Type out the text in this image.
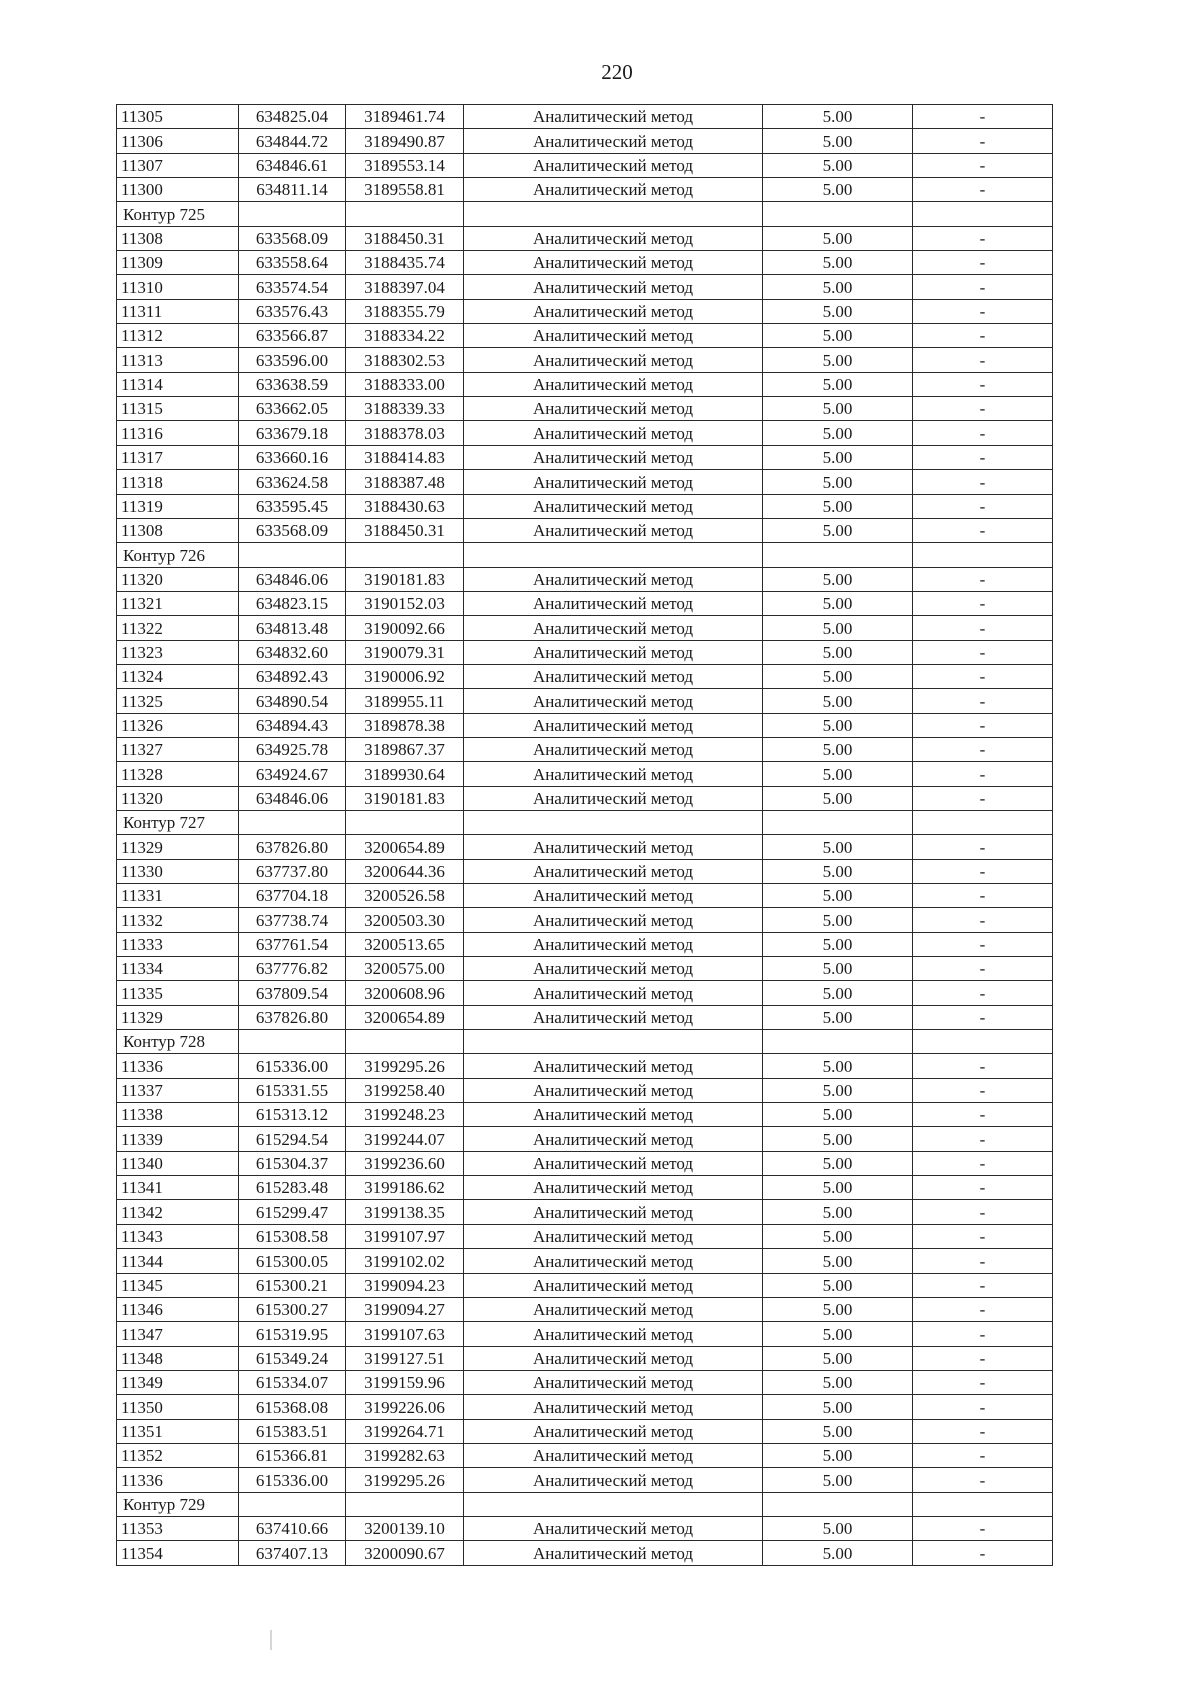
220
11305	634825.04	3189461.74	Аналитический метод	5.00	-
11306	634844.72	3189490.87	Аналитический метод	5.00	-
11307	634846.61	3189553.14	Аналитический метод	5.00	-
11300	634811.14	3189558.81	Аналитический метод	5.00	-
Контур 725					
11308	633568.09	3188450.31	Аналитический метод	5.00	-
11309	633558.64	3188435.74	Аналитический метод	5.00	-
11310	633574.54	3188397.04	Аналитический метод	5.00	-
11311	633576.43	3188355.79	Аналитический метод	5.00	-
11312	633566.87	3188334.22	Аналитический метод	5.00	-
11313	633596.00	3188302.53	Аналитический метод	5.00	-
11314	633638.59	3188333.00	Аналитический метод	5.00	-
11315	633662.05	3188339.33	Аналитический метод	5.00	-
11316	633679.18	3188378.03	Аналитический метод	5.00	-
11317	633660.16	3188414.83	Аналитический метод	5.00	-
11318	633624.58	3188387.48	Аналитический метод	5.00	-
11319	633595.45	3188430.63	Аналитический метод	5.00	-
11308	633568.09	3188450.31	Аналитический метод	5.00	-
Контур 726					
11320	634846.06	3190181.83	Аналитический метод	5.00	-
11321	634823.15	3190152.03	Аналитический метод	5.00	-
11322	634813.48	3190092.66	Аналитический метод	5.00	-
11323	634832.60	3190079.31	Аналитический метод	5.00	-
11324	634892.43	3190006.92	Аналитический метод	5.00	-
11325	634890.54	3189955.11	Аналитический метод	5.00	-
11326	634894.43	3189878.38	Аналитический метод	5.00	-
11327	634925.78	3189867.37	Аналитический метод	5.00	-
11328	634924.67	3189930.64	Аналитический метод	5.00	-
11320	634846.06	3190181.83	Аналитический метод	5.00	-
Контур 727					
11329	637826.80	3200654.89	Аналитический метод	5.00	-
11330	637737.80	3200644.36	Аналитический метод	5.00	-
11331	637704.18	3200526.58	Аналитический метод	5.00	-
11332	637738.74	3200503.30	Аналитический метод	5.00	-
11333	637761.54	3200513.65	Аналитический метод	5.00	-
11334	637776.82	3200575.00	Аналитический метод	5.00	-
11335	637809.54	3200608.96	Аналитический метод	5.00	-
11329	637826.80	3200654.89	Аналитический метод	5.00	-
Контур 728					
11336	615336.00	3199295.26	Аналитический метод	5.00	-
11337	615331.55	3199258.40	Аналитический метод	5.00	-
11338	615313.12	3199248.23	Аналитический метод	5.00	-
11339	615294.54	3199244.07	Аналитический метод	5.00	-
11340	615304.37	3199236.60	Аналитический метод	5.00	-
11341	615283.48	3199186.62	Аналитический метод	5.00	-
11342	615299.47	3199138.35	Аналитический метод	5.00	-
11343	615308.58	3199107.97	Аналитический метод	5.00	-
11344	615300.05	3199102.02	Аналитический метод	5.00	-
11345	615300.21	3199094.23	Аналитический метод	5.00	-
11346	615300.27	3199094.27	Аналитический метод	5.00	-
11347	615319.95	3199107.63	Аналитический метод	5.00	-
11348	615349.24	3199127.51	Аналитический метод	5.00	-
11349	615334.07	3199159.96	Аналитический метод	5.00	-
11350	615368.08	3199226.06	Аналитический метод	5.00	-
11351	615383.51	3199264.71	Аналитический метод	5.00	-
11352	615366.81	3199282.63	Аналитический метод	5.00	-
11336	615336.00	3199295.26	Аналитический метод	5.00	-
Контур 729					
11353	637410.66	3200139.10	Аналитический метод	5.00	-
11354	637407.13	3200090.67	Аналитический метод	5.00	-
